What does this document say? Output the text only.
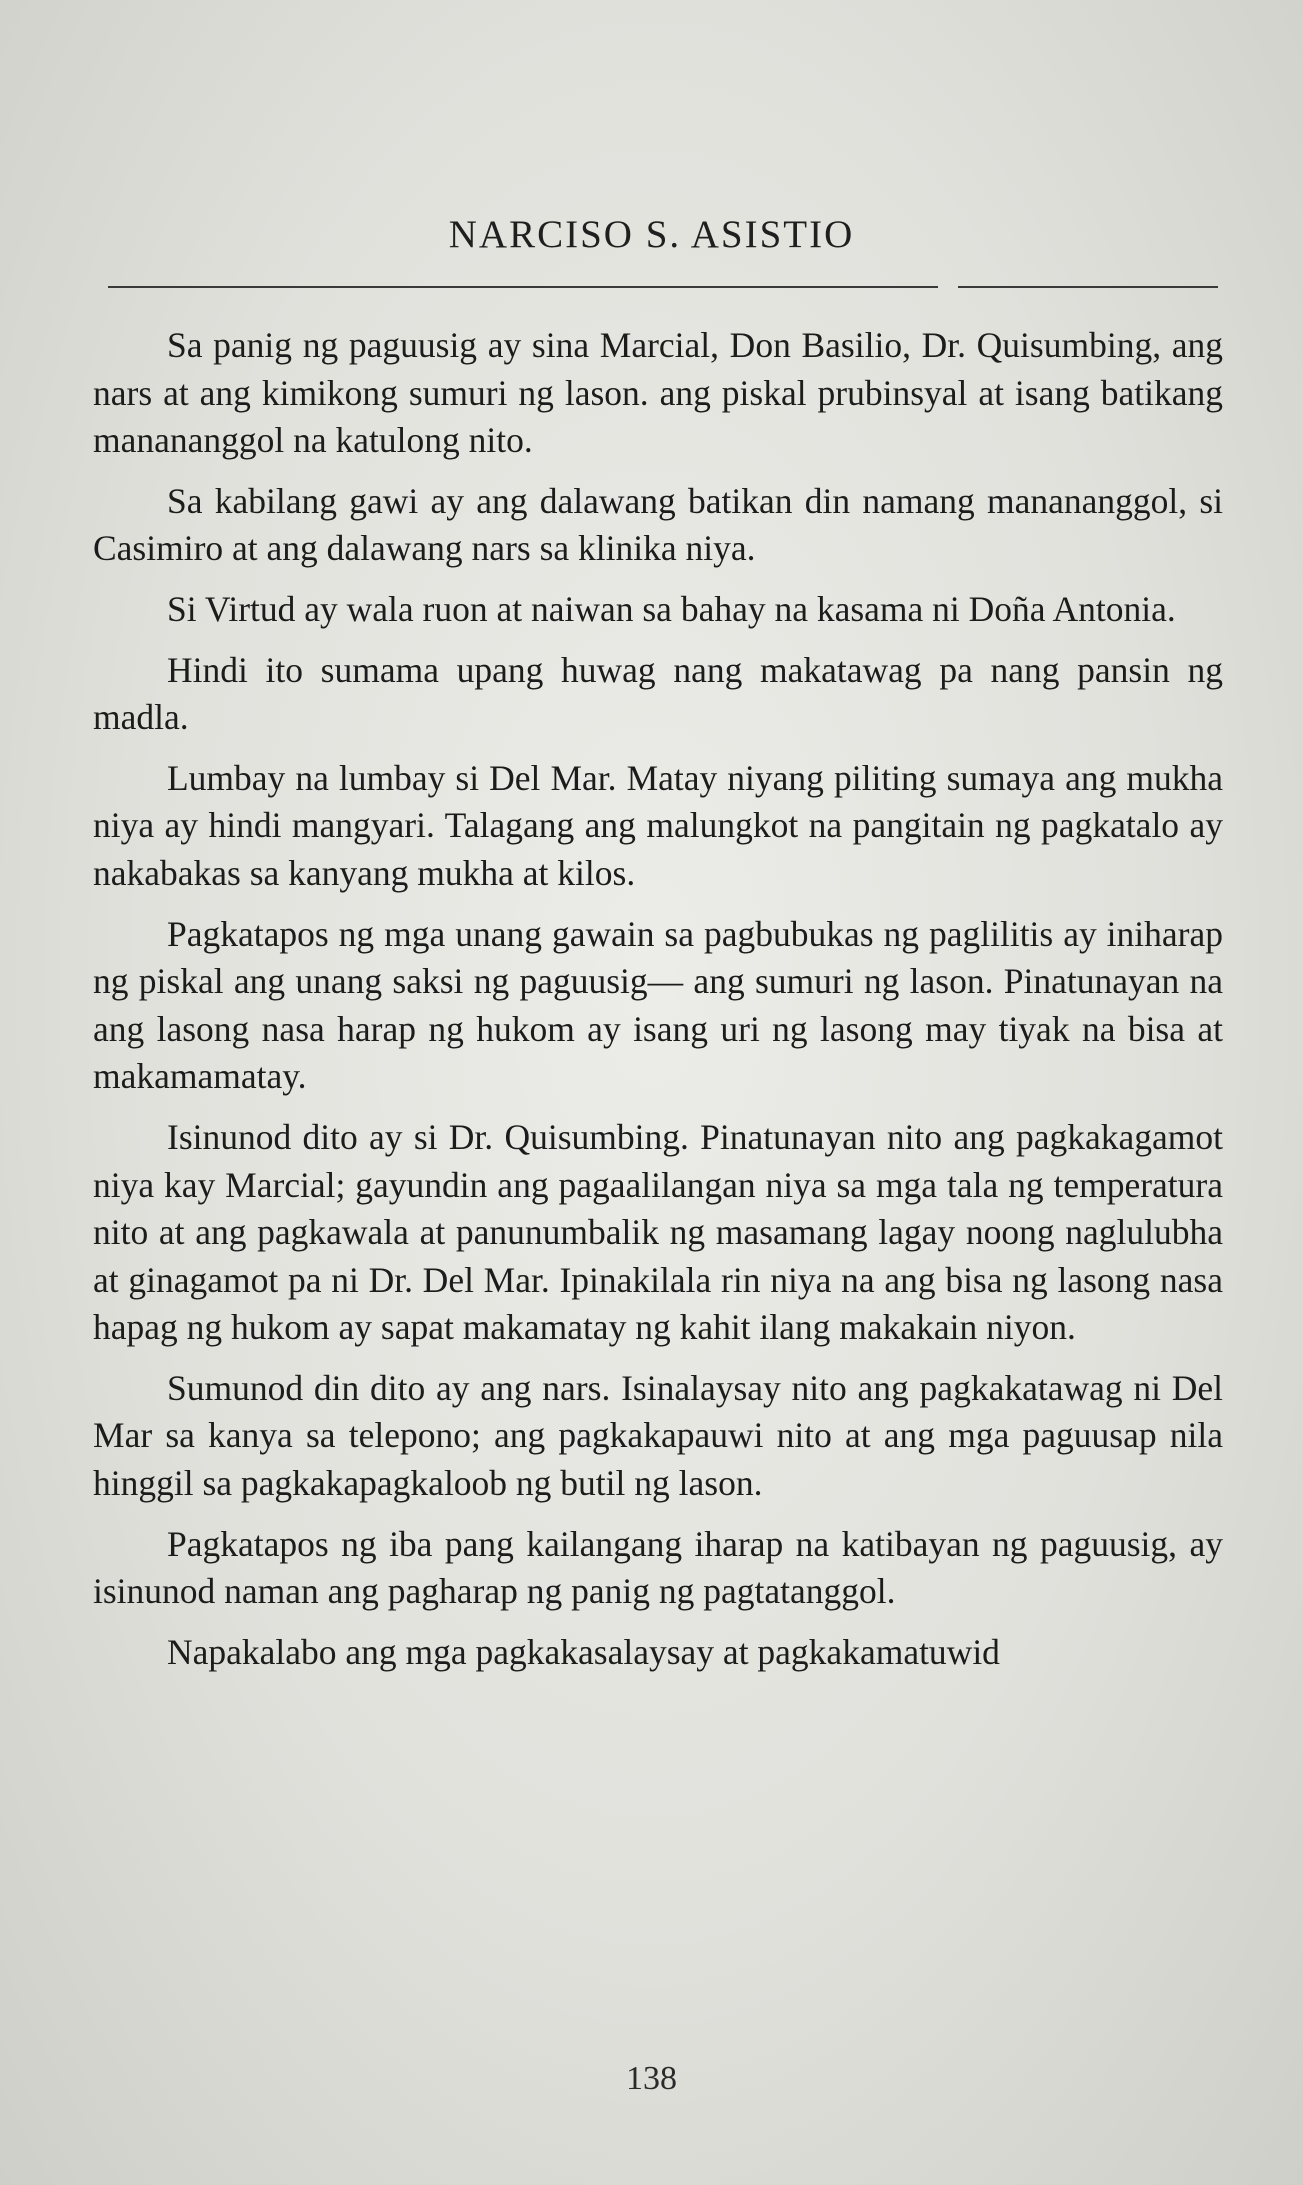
NARCISO S. ASISTIO

Sa panig ng paguusig ay sina Marcial, Don Basilio, Dr. Quisumbing, ang nars at ang kimikong sumuri ng lason. ang piskal prubinsyal at isang batikang manananggol na katulong nito.

Sa kabilang gawi ay ang dalawang batikan din namang manananggol, si Casimiro at ang dalawang nars sa klinika niya.

Si Virtud ay wala ruon at naiwan sa bahay na kasama ni Doña Antonia.

Hindi ito sumama upang huwag nang makatawag pa nang pansin ng madla.

Lumbay na lumbay si Del Mar. Matay niyang piliting sumaya ang mukha niya ay hindi mangyari. Talagang ang malungkot na pangitain ng pagkatalo ay nakabakas sa kanyang mukha at kilos.

Pagkatapos ng mga unang gawain sa pagbubukas ng paglilitis ay iniharap ng piskal ang unang saksi ng paguusig— ang sumuri ng lason. Pinatunayan na ang lasong nasa harap ng hukom ay isang uri ng lasong may tiyak na bisa at makamamatay.

Isinunod dito ay si Dr. Quisumbing. Pinatunayan nito ang pagkakagamot niya kay Marcial; gayundin ang pagaalilangan niya sa mga tala ng temperatura nito at ang pagkawala at panunumbalik ng masamang lagay noong naglulubha at ginagamot pa ni Dr. Del Mar. Ipinakilala rin niya na ang bisa ng lasong nasa hapag ng hukom ay sapat makamatay ng kahit ilang makakain niyon.

Sumunod din dito ay ang nars. Isinalaysay nito ang pagkakatawag ni Del Mar sa kanya sa telepono; ang pagkakapauwi nito at ang mga paguusap nila hinggil sa pagkakapagkaloob ng butil ng lason.

Pagkatapos ng iba pang kailangang iharap na katibayan ng paguusig, ay isinunod naman ang pagharap ng panig ng pagtatanggol.

Napakalabo ang mga pagkakasalaysay at pagkakamatuwid

138
